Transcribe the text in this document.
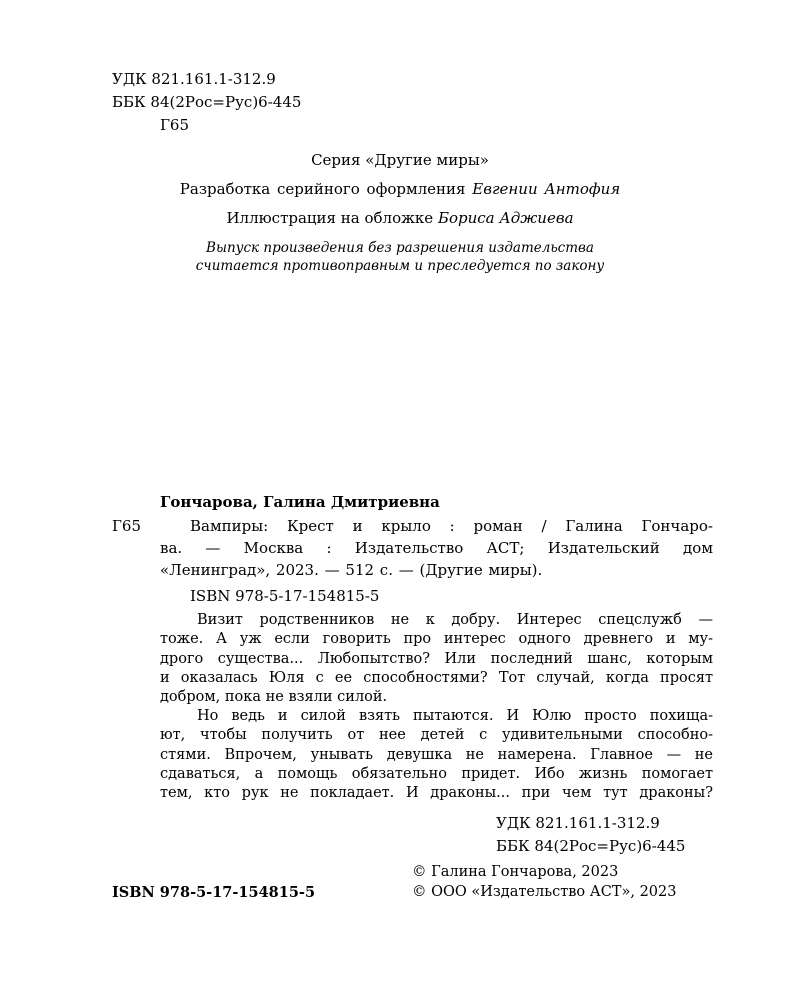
УДК 821.161.1-312.9
ББК 84(2Рос=Рус)6-445
Г65
Серия «Другие миры»
Разработка серийного оформления Евгении Антофия
Иллюстрация на обложке Бориса Аджиева
Выпуск произведения без разрешения издательства
считается противоправным и преследуется по закону
Гончарова, Галина Дмитриевна
Г65	Вампиры: Крест и крыло : роман / Галина Гончаро-
ва. — Москва : Издательство АСТ; Издательский дом
«Ленинград», 2023. — 512 с. — (Другие миры).
ISBN 978-5-17-154815-5

Визит родственников не к добру. Интерес спецслужб —
тоже. А уж если говорить про интерес одного древнего и му-
дрого существа... Любопытство? Или последний шанс, которым
и оказалась Юля с ее способностями? Тот случай, когда просят
добром, пока не взяли силой.

Но ведь и силой взять пытаются. И Юлю просто похища-
ют, чтобы получить от нее детей с удивительными способно-
стями. Впрочем, унывать девушка не намерена. Главное — не
сдаваться, а помощь обязательно придет. Ибо жизнь помогает
тем, кто рук не покладает. И драконы... при чем тут драконы?

УДК 821.161.1-312.9
ББК 84(2Рос=Рус)6-445
ISBN 978-5-17-154815-5
© Галина Гончарова, 2023
© ООО «Издательство АСТ», 2023
